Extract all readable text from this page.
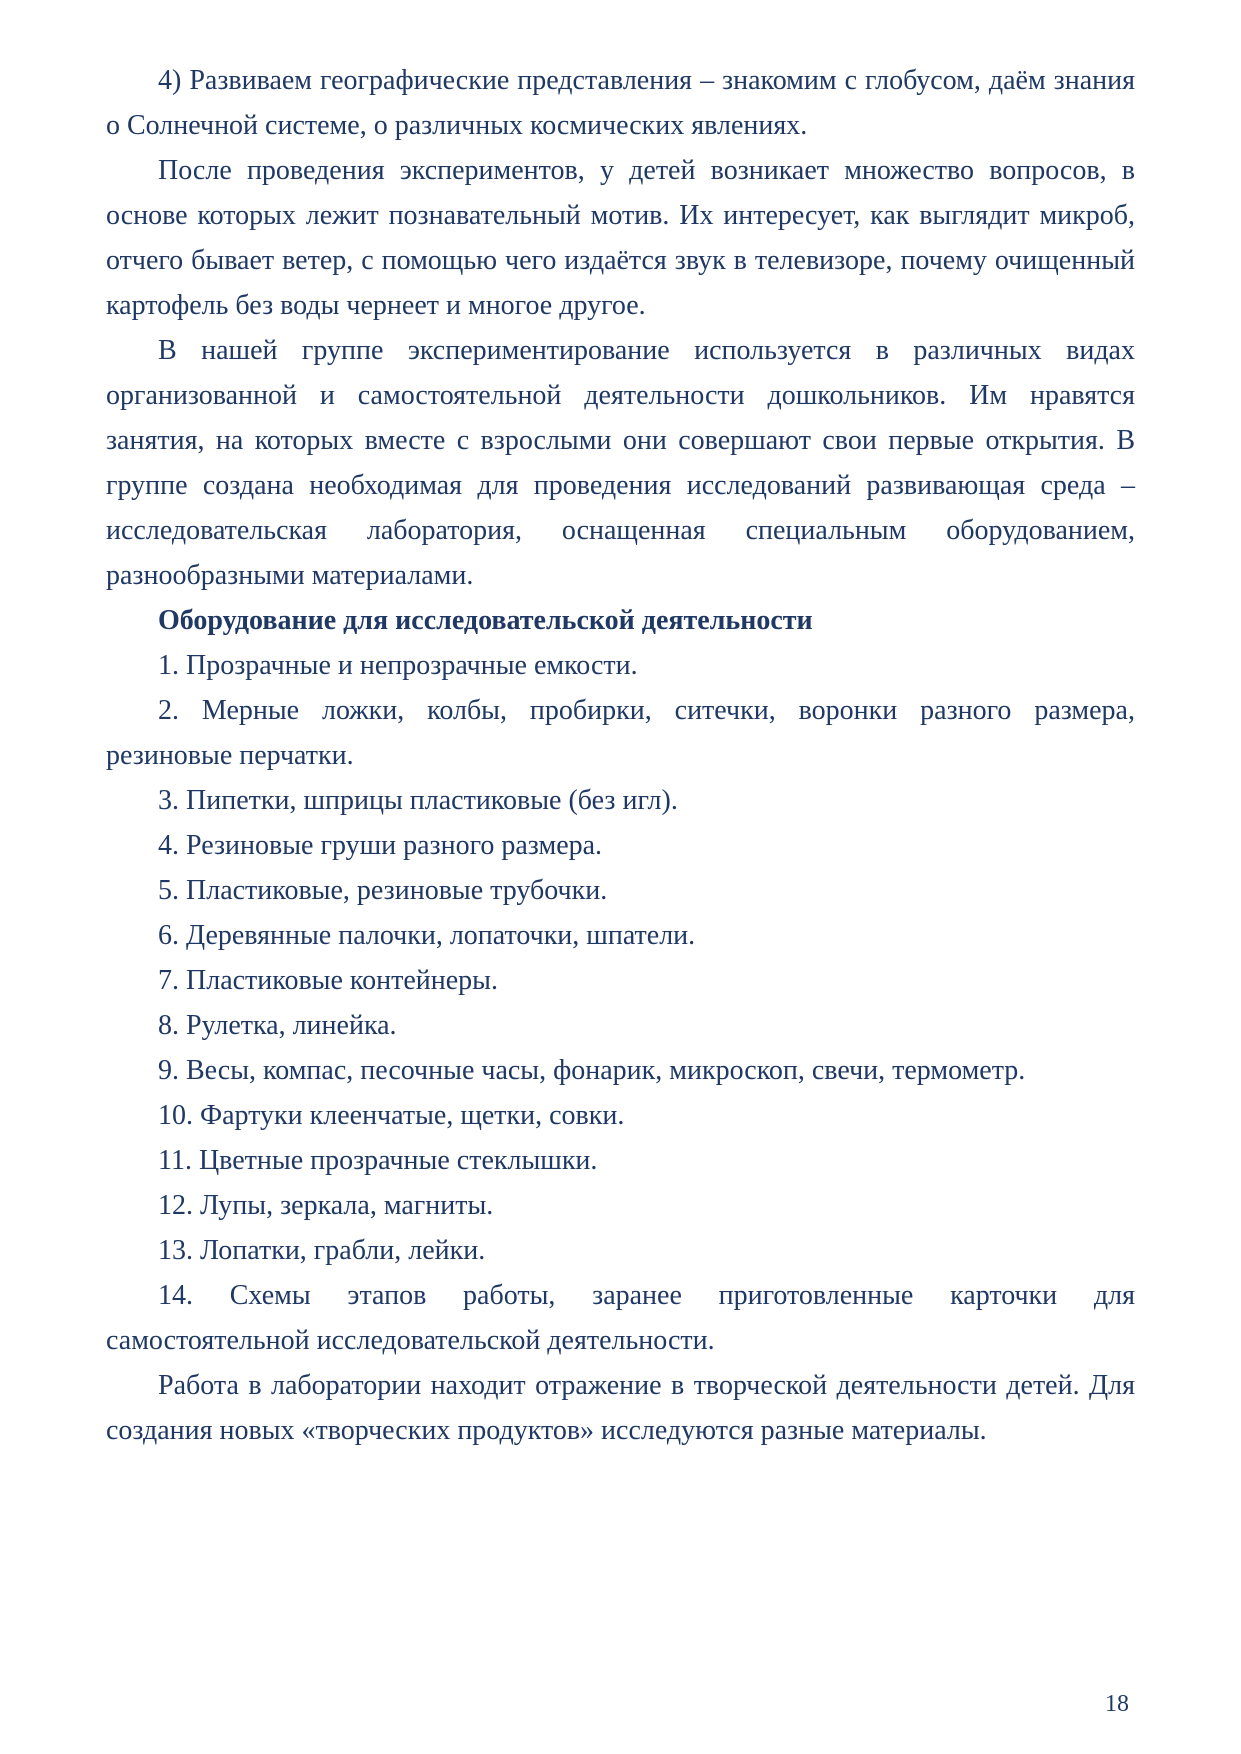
4) Развиваем географические представления – знакомим с глобусом, даём знания о Солнечной системе, о различных космических явлениях.

После проведения экспериментов, у детей возникает множество вопросов, в основе которых лежит познавательный мотив. Их интересует, как выглядит микроб, отчего бывает ветер, с помощью чего издаётся звук в телевизоре, почему очищенный картофель без воды чернеет и многое другое.

В нашей группе экспериментирование используется в различных видах организованной и самостоятельной деятельности дошкольников. Им нравятся занятия, на которых вместе с взрослыми они совершают свои первые открытия. В группе создана необходимая для проведения исследований развивающая среда – исследовательская лаборатория, оснащенная специальным оборудованием, разнообразными материалами.

Оборудование для исследовательской деятельности

1. Прозрачные и непрозрачные емкости.

2. Мерные ложки, колбы, пробирки, ситечки, воронки разного размера, резиновые перчатки.

3. Пипетки, шприцы пластиковые (без игл).

4. Резиновые груши разного размера.

5. Пластиковые, резиновые трубочки.

6. Деревянные палочки, лопаточки, шпатели.

7. Пластиковые контейнеры.

8. Рулетка, линейка.

9. Весы, компас, песочные часы, фонарик, микроскоп, свечи, термометр.

10. Фартуки клеенчатые, щетки, совки.

11. Цветные прозрачные стеклышки.

12. Лупы, зеркала, магниты.

13. Лопатки, грабли, лейки.

14. Схемы этапов работы, заранее приготовленные карточки для самостоятельной исследовательской деятельности.

Работа в лаборатории находит отражение в творческой деятельности детей. Для создания новых «творческих продуктов» исследуются разные материалы.

18
